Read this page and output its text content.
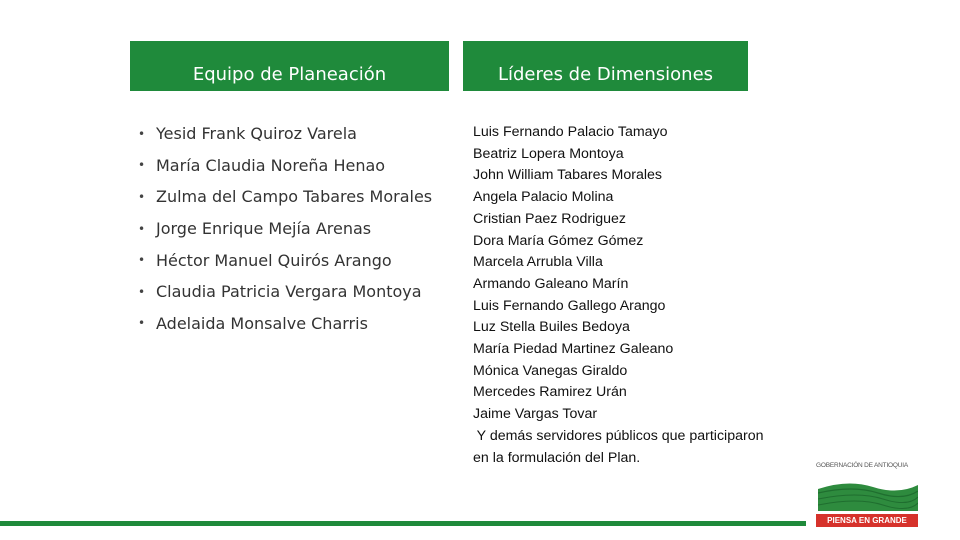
Equipo de Planeación	Líderes de Dimensiones
• Yesid Frank Quiroz Varela
• María Claudia Noreña Henao
• Zulma del Campo Tabares Morales
• Jorge Enrique Mejía Arenas
• Héctor Manuel Quirós Arango
• Claudia Patricia Vergara Montoya
• Adelaida Monsalve Charris
Luis Fernando Palacio Tamayo
Beatriz Lopera Montoya
John William Tabares Morales
Angela Palacio Molina
Cristian Paez Rodriguez
Dora María Gómez Gómez
Marcela Arrubla Villa
Armando Galeano Marín
Luis Fernando Gallego Arango
Luz Stella Builes Bedoya
María Piedad Martinez Galeano
Mónica Vanegas Giraldo
Mercedes Ramirez Urán
Jaime Vargas Tovar
Y demás servidores públicos que participaron
en la formulación del Plan.	GOBERNACIÓN DE ANTIOQUIA
PIENSA EN GRANDE
